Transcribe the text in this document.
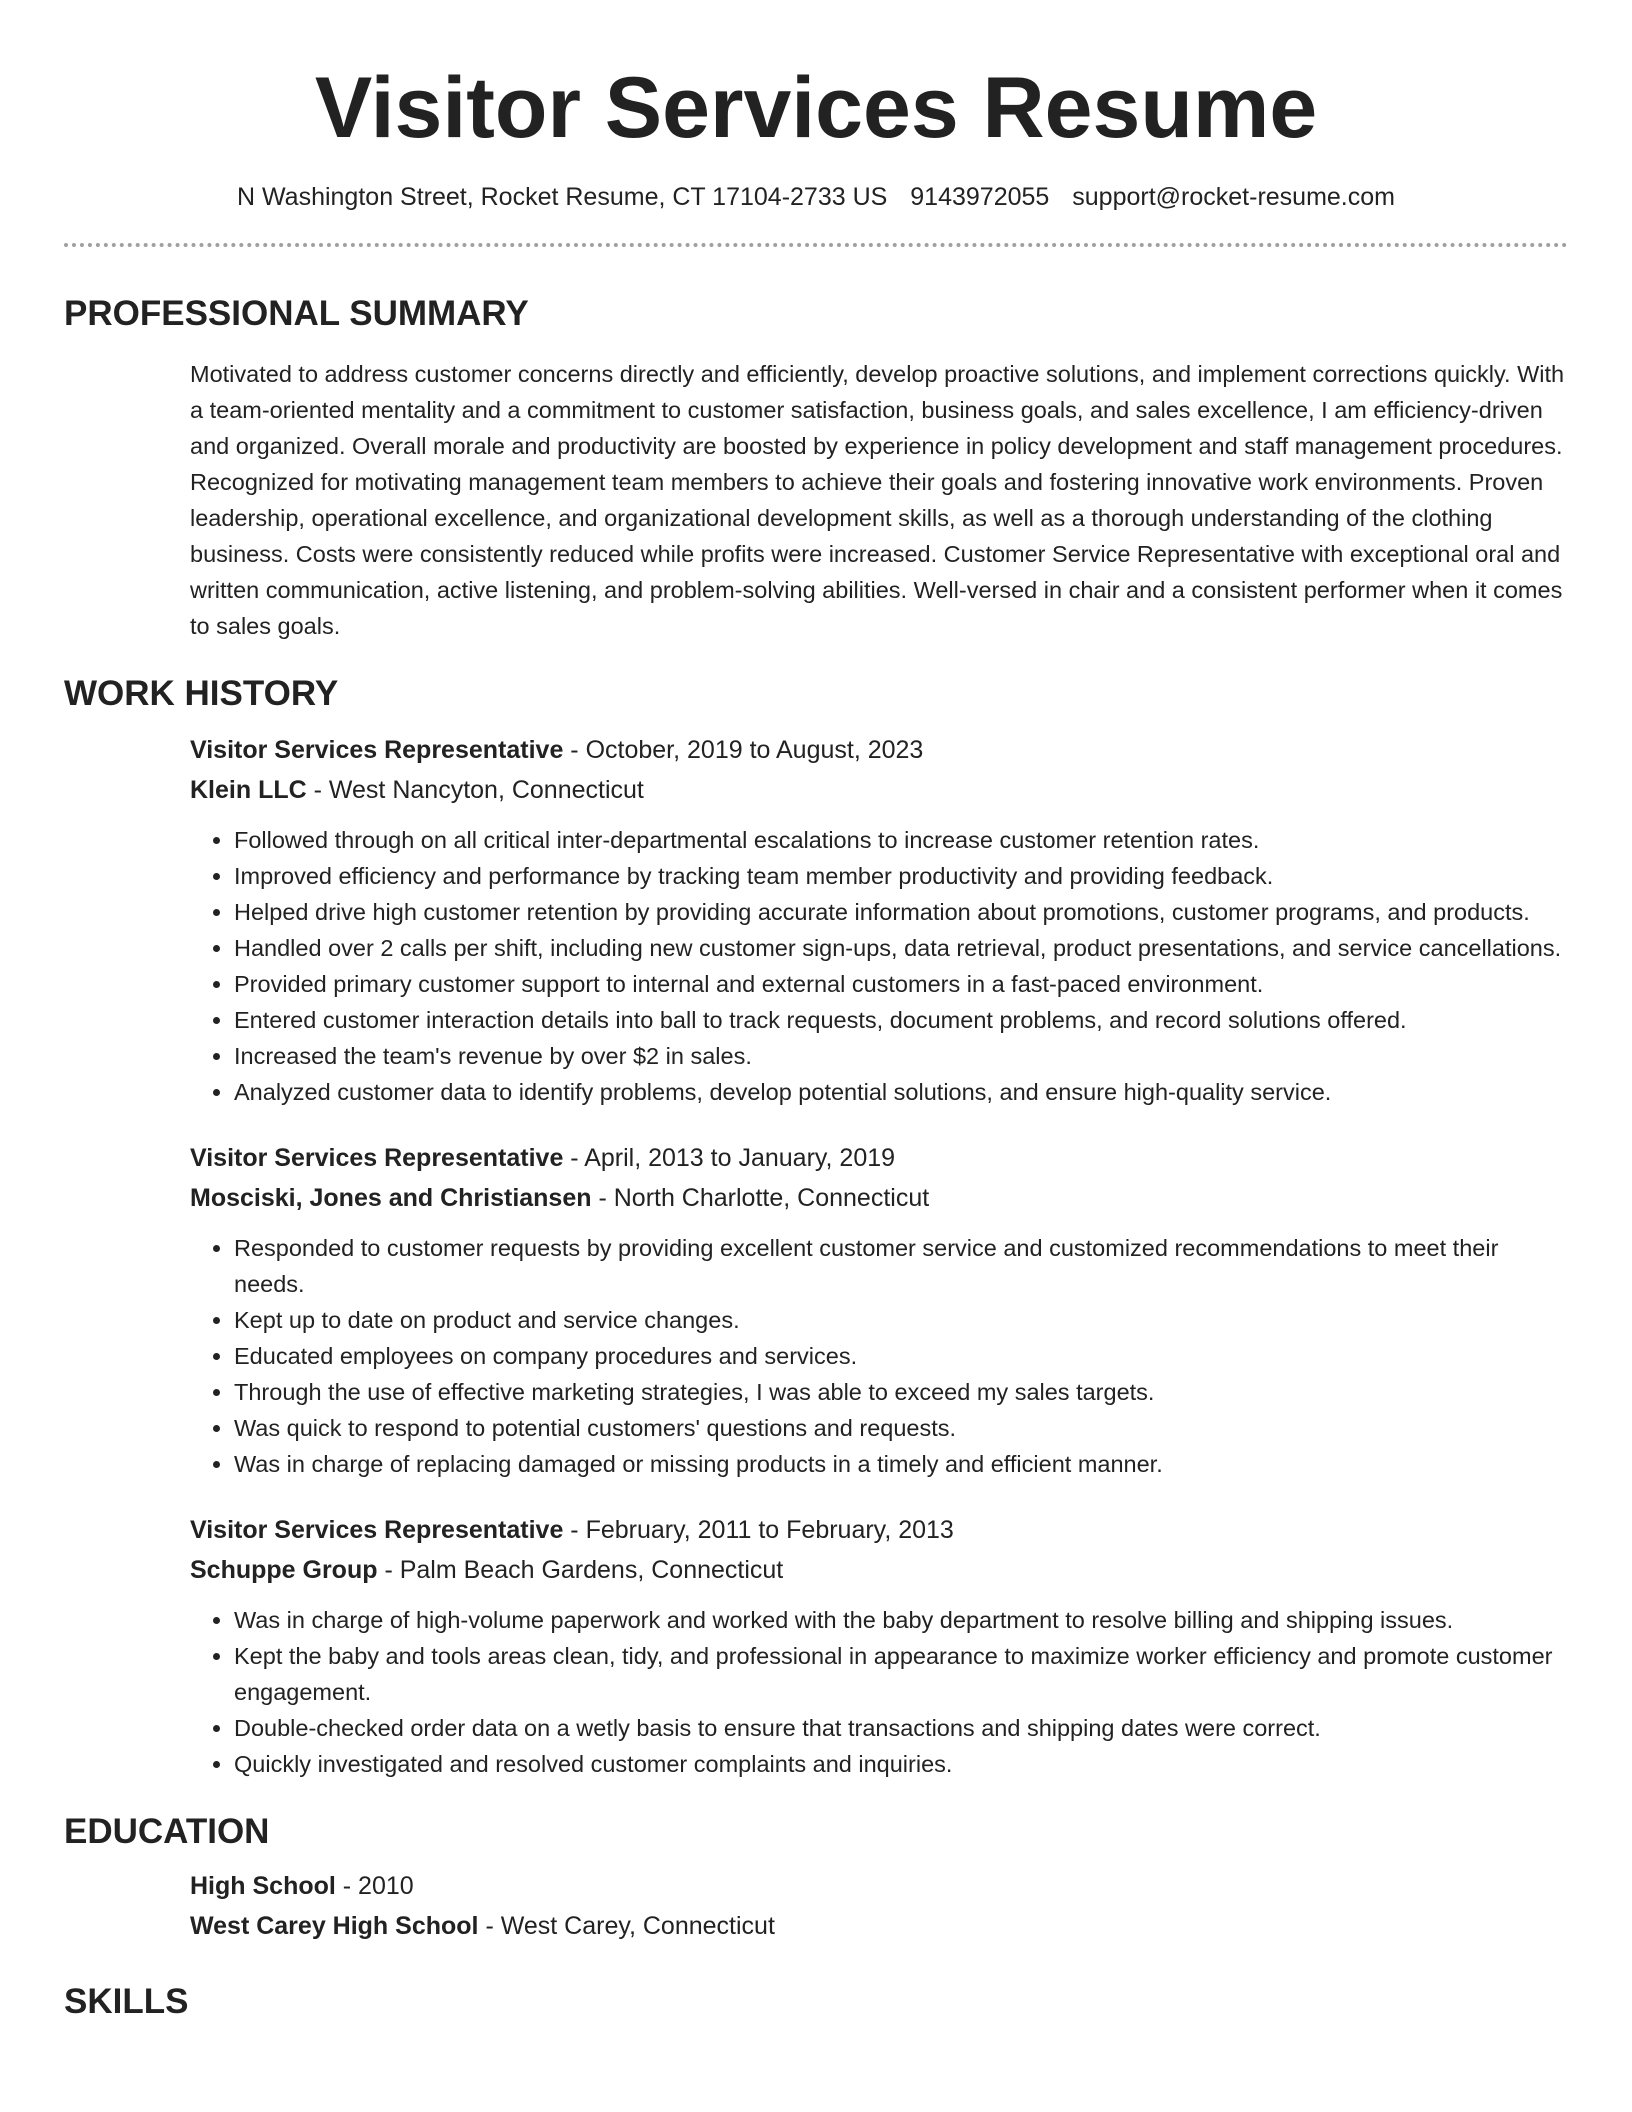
Visitor Services Resume
N Washington Street, Rocket Resume, CT 17104-2733 US 9143972055 support@rocket-resume.com
PROFESSIONAL SUMMARY
Motivated to address customer concerns directly and efficiently, develop proactive solutions, and implement corrections quickly. With a team-oriented mentality and a commitment to customer satisfaction, business goals, and sales excellence, I am efficiency-driven and organized. Overall morale and productivity are boosted by experience in policy development and staff management procedures. Recognized for motivating management team members to achieve their goals and fostering innovative work environments. Proven leadership, operational excellence, and organizational development skills, as well as a thorough understanding of the clothing business. Costs were consistently reduced while profits were increased. Customer Service Representative with exceptional oral and written communication, active listening, and problem-solving abilities. Well-versed in chair and a consistent performer when it comes to sales goals.
WORK HISTORY
Visitor Services Representative - October, 2019 to August, 2023
Klein LLC - West Nancyton, Connecticut
• Followed through on all critical inter-departmental escalations to increase customer retention rates.
• Improved efficiency and performance by tracking team member productivity and providing feedback.
• Helped drive high customer retention by providing accurate information about promotions, customer programs, and products.
• Handled over 2 calls per shift, including new customer sign-ups, data retrieval, product presentations, and service cancellations.
• Provided primary customer support to internal and external customers in a fast-paced environment.
• Entered customer interaction details into ball to track requests, document problems, and record solutions offered.
• Increased the team's revenue by over $2 in sales.
• Analyzed customer data to identify problems, develop potential solutions, and ensure high-quality service.
Visitor Services Representative - April, 2013 to January, 2019
Mosciski, Jones and Christiansen - North Charlotte, Connecticut
• Responded to customer requests by providing excellent customer service and customized recommendations to meet their needs.
• Kept up to date on product and service changes.
• Educated employees on company procedures and services.
• Through the use of effective marketing strategies, I was able to exceed my sales targets.
• Was quick to respond to potential customers' questions and requests.
• Was in charge of replacing damaged or missing products in a timely and efficient manner.
Visitor Services Representative - February, 2011 to February, 2013
Schuppe Group - Palm Beach Gardens, Connecticut
• Was in charge of high-volume paperwork and worked with the baby department to resolve billing and shipping issues.
• Kept the baby and tools areas clean, tidy, and professional in appearance to maximize worker efficiency and promote customer engagement.
• Double-checked order data on a wetly basis to ensure that transactions and shipping dates were correct.
• Quickly investigated and resolved customer complaints and inquiries.
EDUCATION
High School - 2010
West Carey High School - West Carey, Connecticut
SKILLS
